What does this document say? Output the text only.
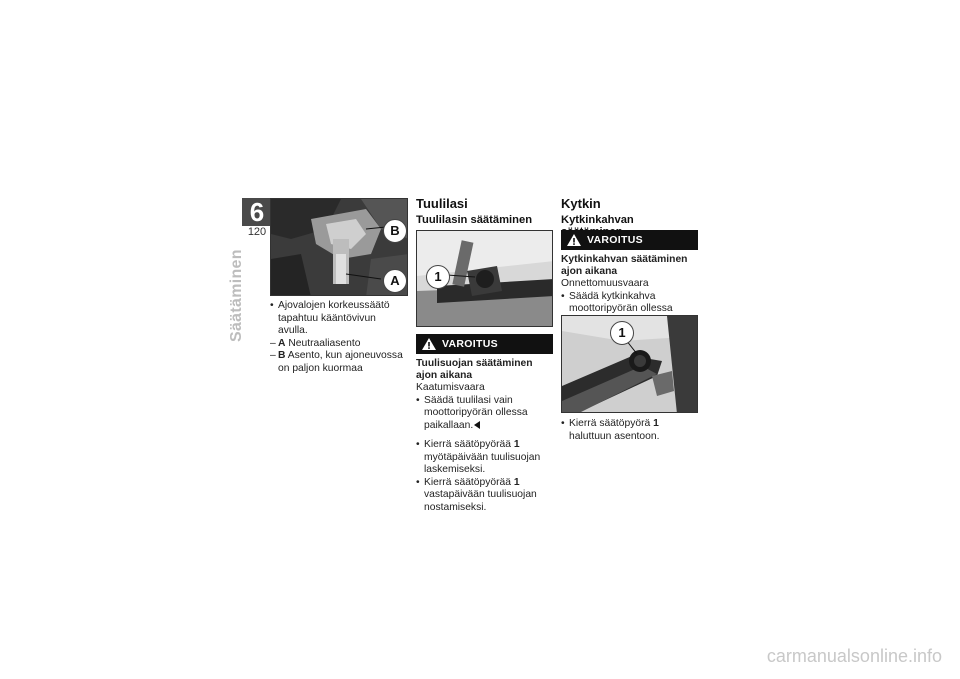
6
120
Säätäminen
B
A
• Ajovalojen korkeussäätö tapahtuu kääntövivun avulla.
– A Neutraaliasento
– B Asento, kun ajoneuvossa on paljon kuormaa
Tuulilasi
Tuulilasin säätäminen
1
VAROITUS
Tuulisuojan säätäminen ajon aikana
Kaatumisvaara
• Säädä tuulilasi vain moottoripyörän ollessa paikallaan.
• Kierrä säätöpyörää 1 myötäpäivään tuulisuojan laskemiseksi.
• Kierrä säätöpyörää 1 vastapäivään tuulisuojan nostamiseksi.
Kytkin
Kytkinkahvan
VAROITUS
Kytkinkahvan säätäminen ajon aikana
Onnettomuusvaara
• Säädä kytkinkahva moottoripyörän ollessa
1
• Kierrä säätöpyörä 1 haluttuun asentoon.
carmanualsonline.info
